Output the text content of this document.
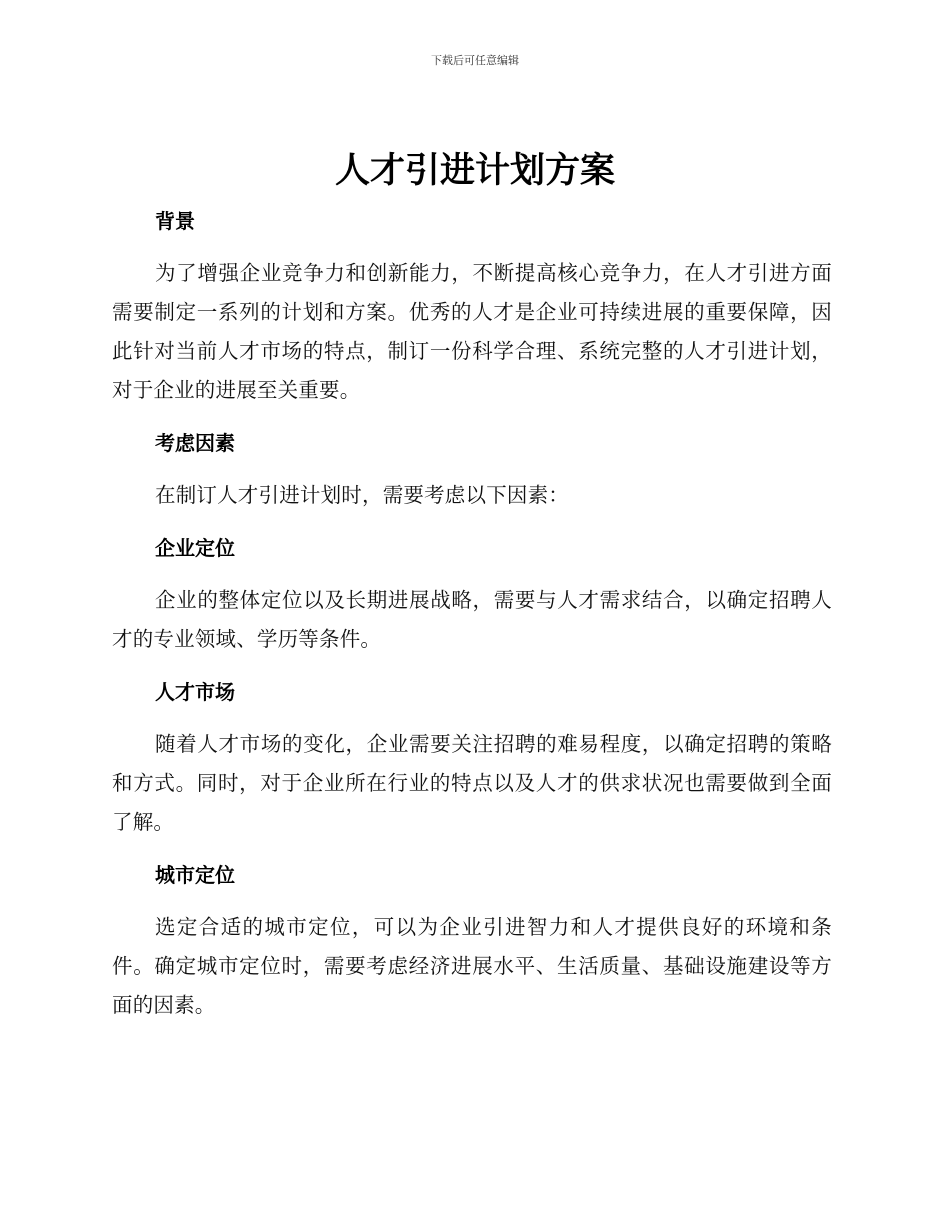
下载后可任意编辑
人才引进计划方案
背景

为了增强企业竞争力和创新能力，不断提高核心竞争力，在人才引进方面需要制定一系列的计划和方案。优秀的人才是企业可持续进展的重要保障，因此针对当前人才市场的特点，制订一份科学合理、系统完整的人才引进计划，对于企业的进展至关重要。

考虑因素

在制订人才引进计划时，需要考虑以下因素：

企业定位

企业的整体定位以及长期进展战略，需要与人才需求结合，以确定招聘人才的专业领域、学历等条件。

人才市场

随着人才市场的变化，企业需要关注招聘的难易程度，以确定招聘的策略和方式。同时，对于企业所在行业的特点以及人才的供求状况也需要做到全面了解。

城市定位

选定合适的城市定位，可以为企业引进智力和人才提供良好的环境和条件。确定城市定位时，需要考虑经济进展水平、生活质量、基础设施建设等方面的因素。
